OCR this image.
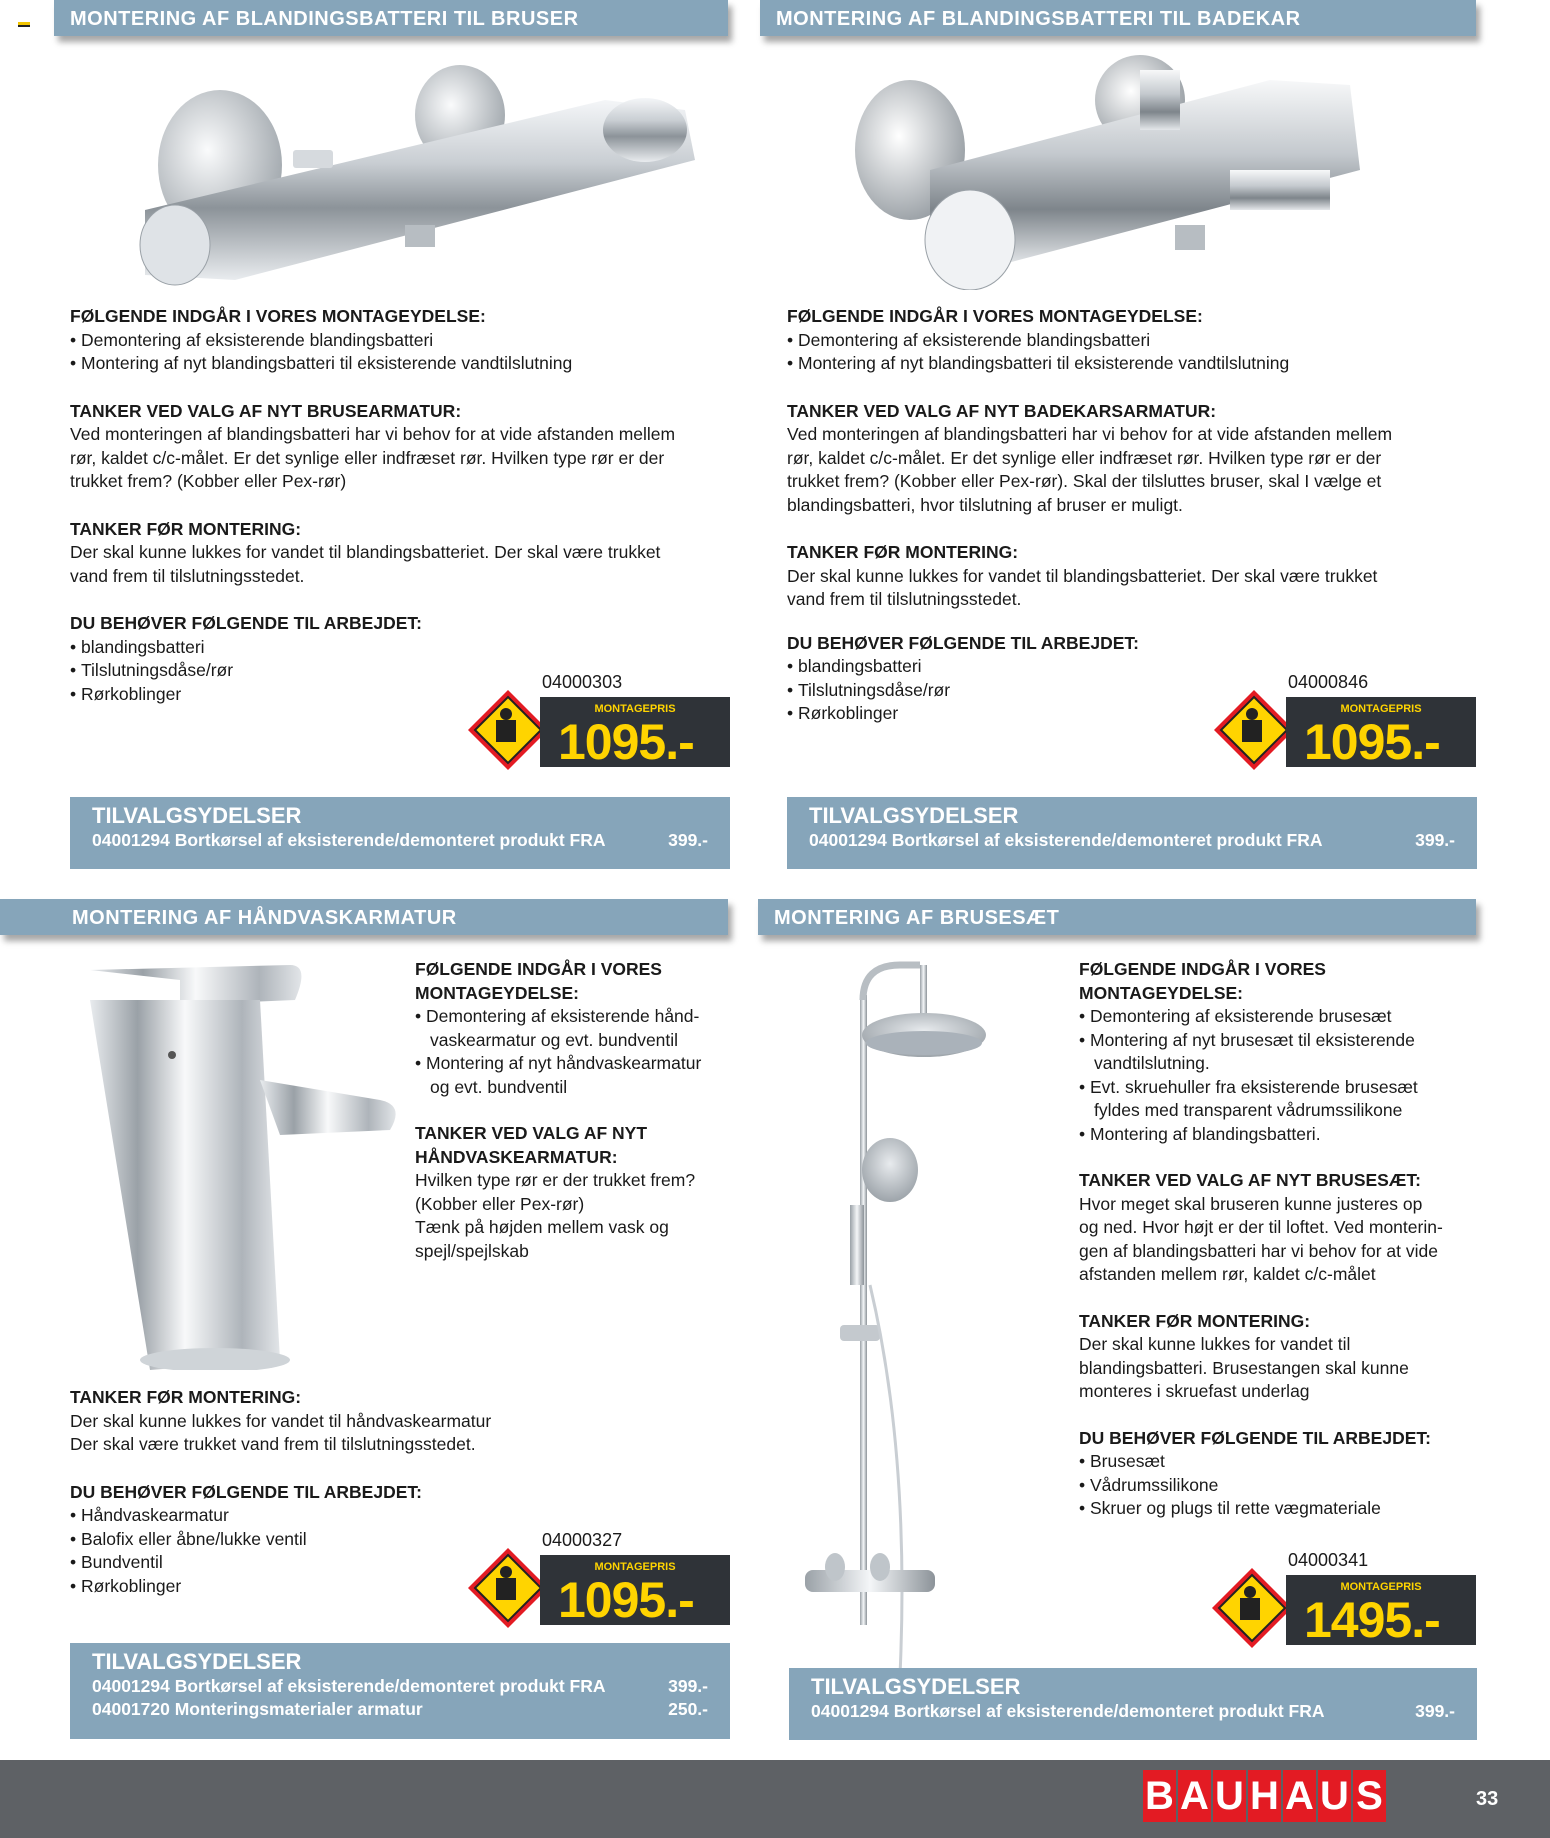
MONTERING AF BLANDINGSBATTERI TIL BRUSER
FØLGENDE INDGÅR I VORES MONTAGEYDELSE:
• Demontering af eksisterende blandingsbatteri
• Montering af nyt blandingsbatteri til eksisterende vandtilslutning
TANKER VED VALG AF NYT BRUSEARMATUR:

Ved monteringen af blandingsbatteri har vi behov for at vide afstanden mellem

rør, kaldet c/c-målet. Er det synlige eller indfræset rør. Hvilken type rør er der

trukket frem? (Kobber eller Pex-rør)

TANKER FØR MONTERING:

Der skal kunne lukkes for vandet til blandingsbatteriet. Der skal være trukket

vand frem til tilslutningsstedet.

DU BEHØVER FØLGENDE TIL ARBEJDET:
• blandingsbatteri
• Tilslutningsdåse/rør
• Rørkoblinger
04000303
MONTAGEPRIS
1095.-
TILVALGSYDELSER
04001294 Bortkørsel af eksisterende/demonteret produkt FRA	399.-
MONTERING AF BLANDINGSBATTERI TIL BADEKAR
FØLGENDE INDGÅR I VORES MONTAGEYDELSE:
• Demontering af eksisterende blandingsbatteri
• Montering af nyt blandingsbatteri til eksisterende vandtilslutning
TANKER VED VALG AF NYT BADEKARSARMATUR:

Ved monteringen af blandingsbatteri har vi behov for at vide afstanden mellem

rør, kaldet c/c-målet. Er det synlige eller indfræset rør. Hvilken type rør er der

trukket frem? (Kobber eller Pex-rør). Skal der tilsluttes bruser, skal I vælge et

blandingsbatteri, hvor tilslutning af bruser er muligt.

TANKER FØR MONTERING:

Der skal kunne lukkes for vandet til blandingsbatteriet. Der skal være trukket

vand frem til tilslutningsstedet.

DU BEHØVER FØLGENDE TIL ARBEJDET:
• blandingsbatteri
• Tilslutningsdåse/rør
• Rørkoblinger
04000846
MONTAGEPRIS
1095.-
TILVALGSYDELSER
04001294 Bortkørsel af eksisterende/demonteret produkt FRA	399.-
MONTERING AF HÅNDVASKARMATUR
FØLGENDE INDGÅR I VORES
MONTAGEYDELSE:
• Demontering af eksisterende hånd-
vaskearmatur og evt. bundventil
• Montering af nyt håndvaskearmatur
og evt. bundventil
TANKER VED VALG AF NYT
HÅNDVASKEARMATUR:

Hvilken type rør er der trukket frem?

(Kobber eller Pex-rør)

Tænk på højden mellem vask og

spejl/spejlskab

TANKER FØR MONTERING:

Der skal kunne lukkes for vandet til håndvaskearmatur

Der skal være trukket vand frem til tilslutningsstedet.

DU BEHØVER FØLGENDE TIL ARBEJDET:
• Håndvaskearmatur
• Balofix eller åbne/lukke ventil
• Bundventil
• Rørkoblinger
04000327
MONTAGEPRIS
1095.-
TILVALGSYDELSER
04001294 Bortkørsel af eksisterende/demonteret produkt FRA	399.-
04001720 Monteringsmaterialer armatur	250.-
MONTERING AF BRUSESÆT
FØLGENDE INDGÅR I VORES
MONTAGEYDELSE:
• Demontering af eksisterende brusesæt
• Montering af nyt brusesæt til eksisterende
vandtilslutning.
• Evt. skruehuller fra eksisterende brusesæt
fyldes med transparent vådrumssilikone
• Montering af blandingsbatteri.
TANKER VED VALG AF NYT BRUSESÆT:

Hvor meget skal bruseren kunne justeres op

og ned. Hvor højt er der til loftet. Ved monterin-

gen af blandingsbatteri har vi behov for at vide

afstanden mellem rør, kaldet c/c-målet

TANKER FØR MONTERING:

Der skal kunne lukkes for vandet til

blandingsbatteri. Brusestangen skal kunne

monteres i skruefast underlag

DU BEHØVER FØLGENDE TIL ARBEJDET:
• Brusesæt
• Vådrumssilikone
• Skruer og plugs til rette vægmateriale
04000341
MONTAGEPRIS
1495.-
TILVALGSYDELSER
04001294 Bortkørsel af eksisterende/demonteret produkt FRA	399.-
B A U H A U S	33
